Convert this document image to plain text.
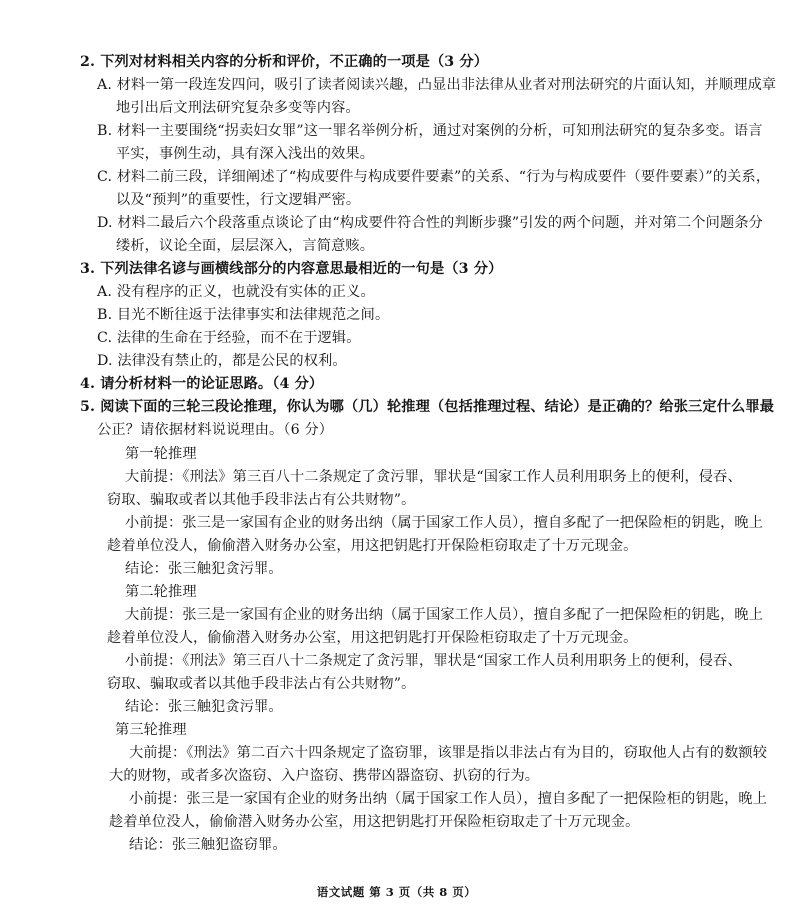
2. 下列对材料相关内容的分析和评价，不正确的一项是（3 分）
A. 材料一第一段连发四问，吸引了读者阅读兴趣，凸显出非法律从业者对刑法研究的片面认知，并顺理成章
地引出后文刑法研究复杂多变等内容。
B. 材料一主要围绕“拐卖妇女罪”这一罪名举例分析，通过对案例的分析，可知刑法研究的复杂多变。语言
平实，事例生动，具有深入浅出的效果。
C. 材料二前三段，详细阐述了“构成要件与构成要件要素”的关系、“行为与构成要件（要件要素）”的关系，
以及“预判”的重要性，行文逻辑严密。
D. 材料二最后六个段落重点谈论了由“构成要件符合性的判断步骤”引发的两个问题，并对第二个问题条分
缕析，议论全面，层层深入，言简意赅。
3. 下列法律名谚与画横线部分的内容意思最相近的一句是（3 分）
A. 没有程序的正义，也就没有实体的正义。
B. 目光不断往返于法律事实和法律规范之间。
C. 法律的生命在于经验，而不在于逻辑。
D. 法律没有禁止的，都是公民的权利。
4. 请分析材料一的论证思路。（4 分）
5. 阅读下面的三轮三段论推理，你认为哪（几）轮推理（包括推理过程、结论）是正确的？给张三定什么罪最
公正？请依据材料说说理由。（6 分）
第一轮推理
大前提：《刑法》第三百八十二条规定了贪污罪，罪状是“国家工作人员利用职务上的便利，侵吞、
窃取、骗取或者以其他手段非法占有公共财物”。
小前提：张三是一家国有企业的财务出纳（属于国家工作人员），擅自多配了一把保险柜的钥匙，晚上
趁着单位没人，偷偷潜入财务办公室，用这把钥匙打开保险柜窃取走了十万元现金。
结论：张三触犯贪污罪。
第二轮推理
大前提：张三是一家国有企业的财务出纳（属于国家工作人员），擅自多配了一把保险柜的钥匙，晚上
趁着单位没人，偷偷潜入财务办公室，用这把钥匙打开保险柜窃取走了十万元现金。
小前提：《刑法》第三百八十二条规定了贪污罪，罪状是“国家工作人员利用职务上的便利，侵吞、
窃取、骗取或者以其他手段非法占有公共财物”。
结论：张三触犯贪污罪。
第三轮推理
大前提：《刑法》第二百六十四条规定了盗窃罪，该罪是指以非法占有为目的，窃取他人占有的数额较
大的财物，或者多次盗窃、入户盗窃、携带凶器盗窃、扒窃的行为。
小前提：张三是一家国有企业的财务出纳（属于国家工作人员），擅自多配了一把保险柜的钥匙，晚上
趁着单位没人，偷偷潜入财务办公室，用这把钥匙打开保险柜窃取走了十万元现金。
结论：张三触犯盗窃罪。
语文试题 第 3 页（共 8 页）
